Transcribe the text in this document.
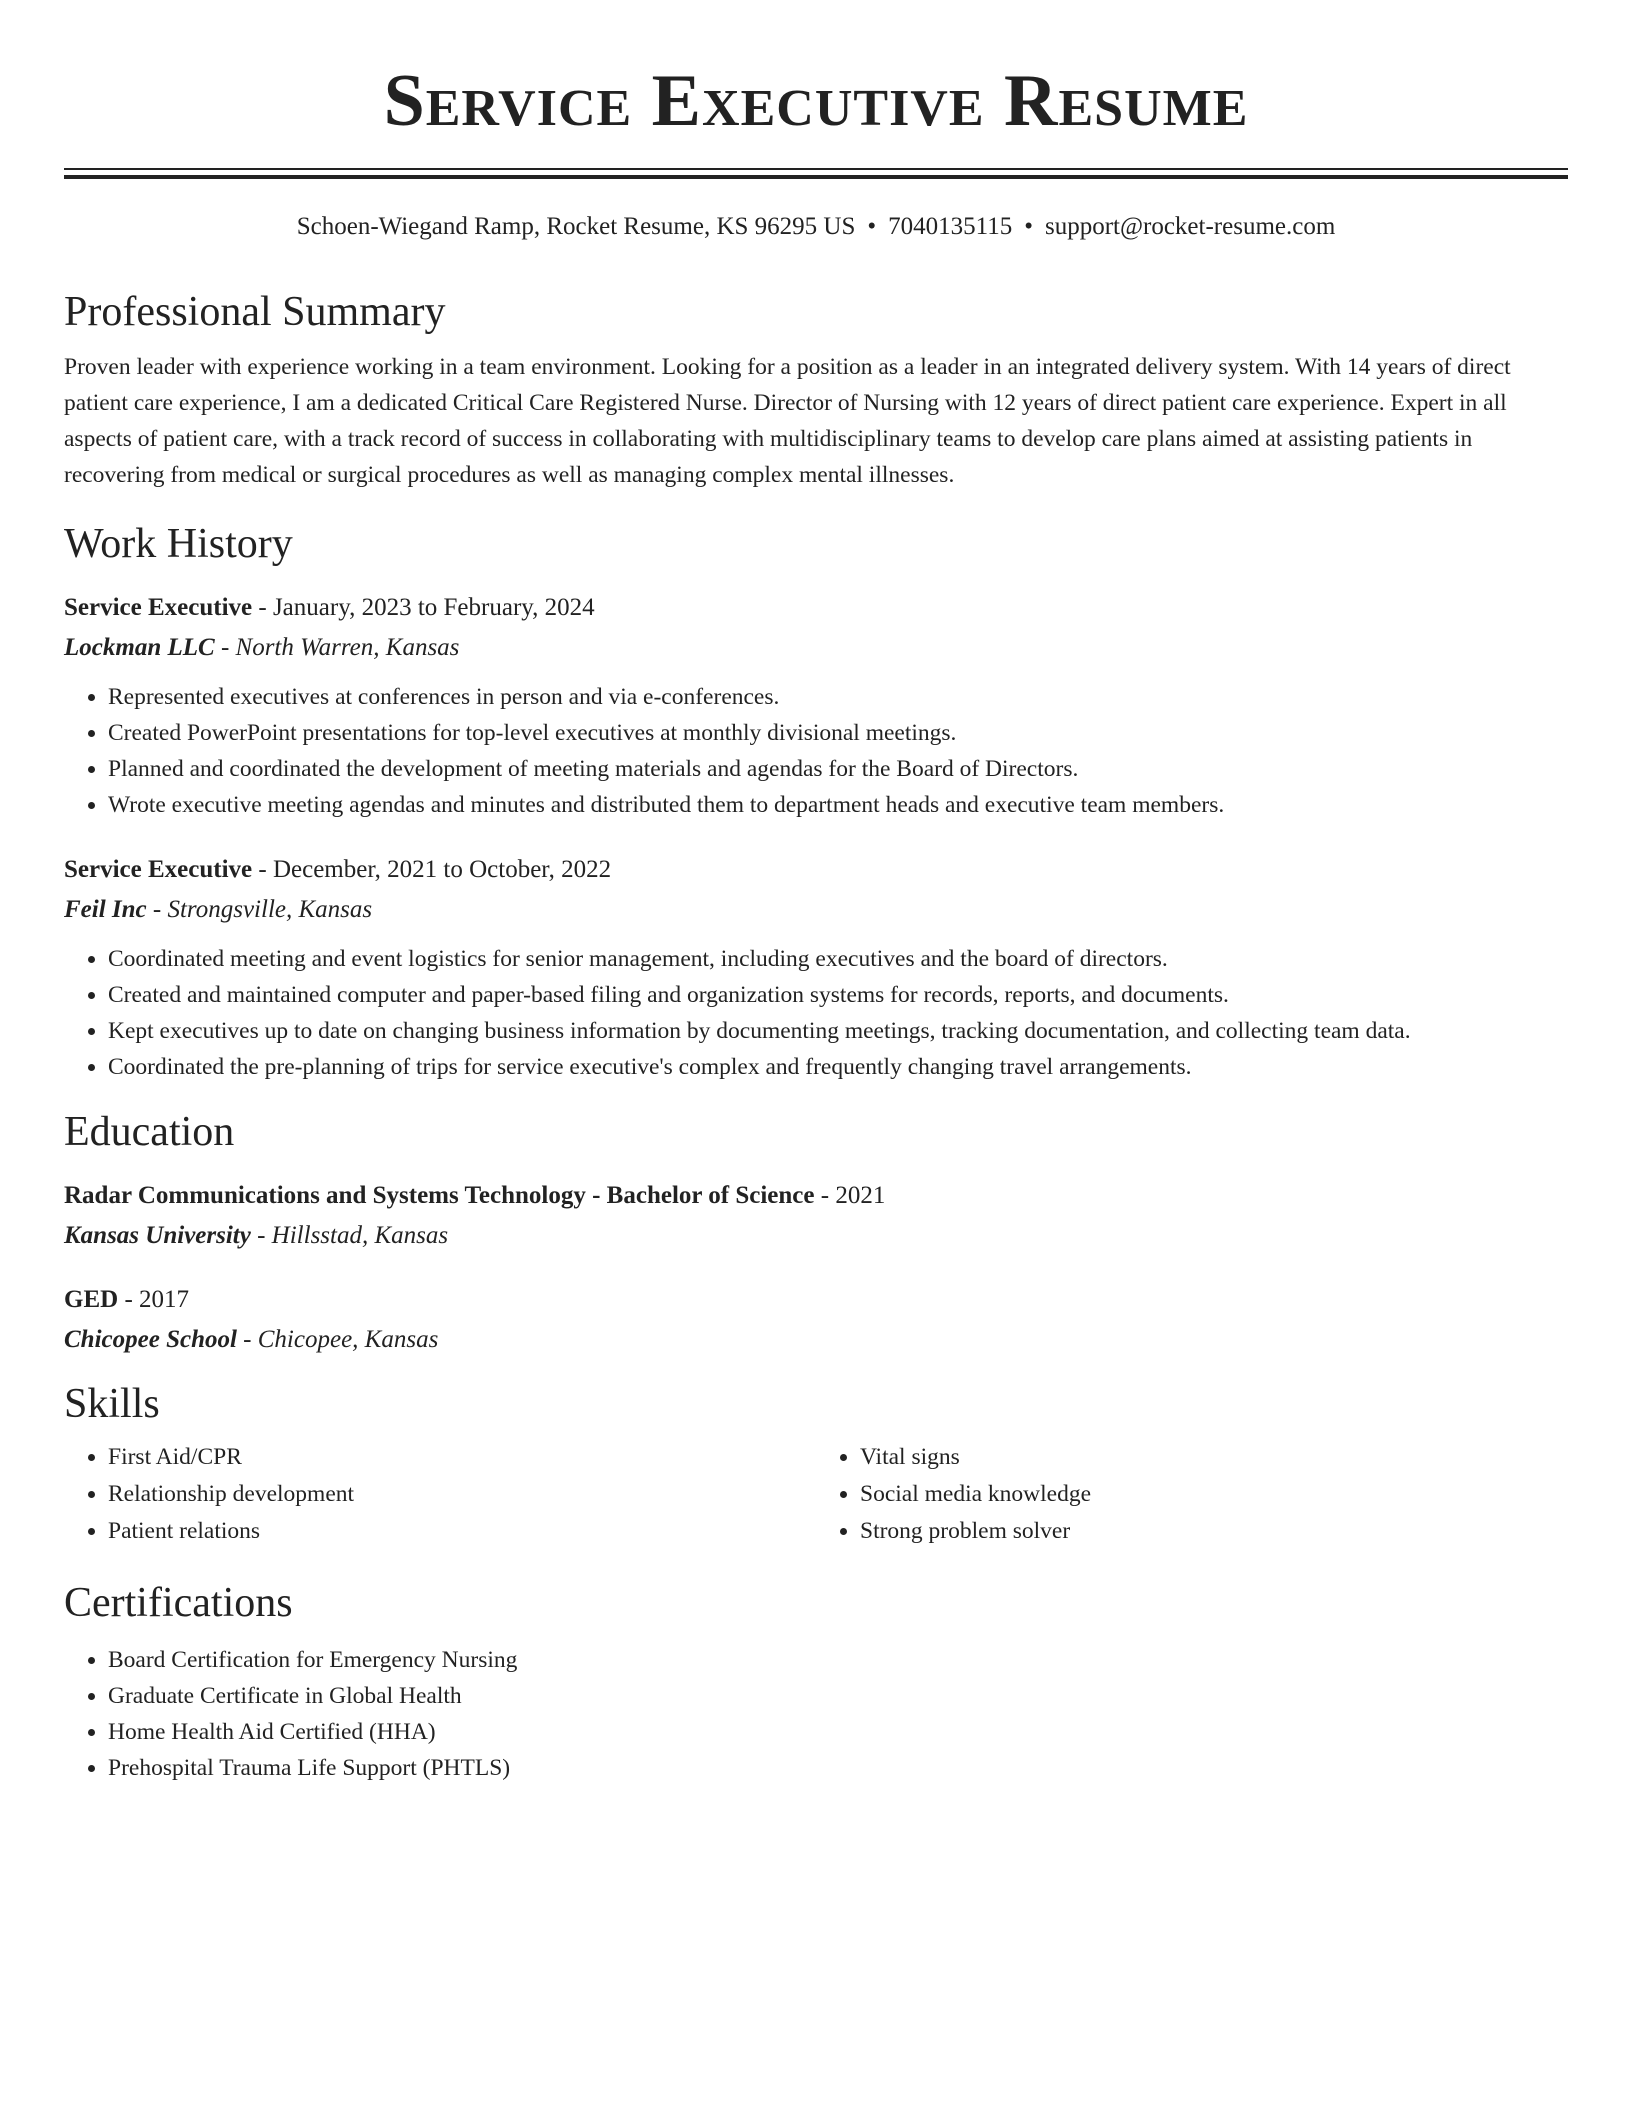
Service Executive Resume
Schoen-Wiegand Ramp, Rocket Resume, KS 96295 US • 7040135115 • support@rocket-resume.com
Professional Summary
Proven leader with experience working in a team environment. Looking for a position as a leader in an integrated delivery system. With 14 years of direct patient care experience, I am a dedicated Critical Care Registered Nurse. Director of Nursing with 12 years of direct patient care experience. Expert in all aspects of patient care, with a track record of success in collaborating with multidisciplinary teams to develop care plans aimed at assisting patients in recovering from medical or surgical procedures as well as managing complex mental illnesses.
Work History
Service Executive - January, 2023 to February, 2024
Lockman LLC - North Warren, Kansas
• Represented executives at conferences in person and via e-conferences.
• Created PowerPoint presentations for top-level executives at monthly divisional meetings.
• Planned and coordinated the development of meeting materials and agendas for the Board of Directors.
• Wrote executive meeting agendas and minutes and distributed them to department heads and executive team members.
Service Executive - December, 2021 to October, 2022
Feil Inc - Strongsville, Kansas
• Coordinated meeting and event logistics for senior management, including executives and the board of directors.
• Created and maintained computer and paper-based filing and organization systems for records, reports, and documents.
• Kept executives up to date on changing business information by documenting meetings, tracking documentation, and collecting team data.
• Coordinated the pre-planning of trips for service executive's complex and frequently changing travel arrangements.
Education
Radar Communications and Systems Technology - Bachelor of Science - 2021
Kansas University - Hillsstad, Kansas
GED - 2017
Chicopee School - Chicopee, Kansas
Skills
• First Aid/CPR
• Relationship development
• Patient relations
• Vital signs
• Social media knowledge
• Strong problem solver
Certifications
• Board Certification for Emergency Nursing
• Graduate Certificate in Global Health
• Home Health Aid Certified (HHA)
• Prehospital Trauma Life Support (PHTLS)
